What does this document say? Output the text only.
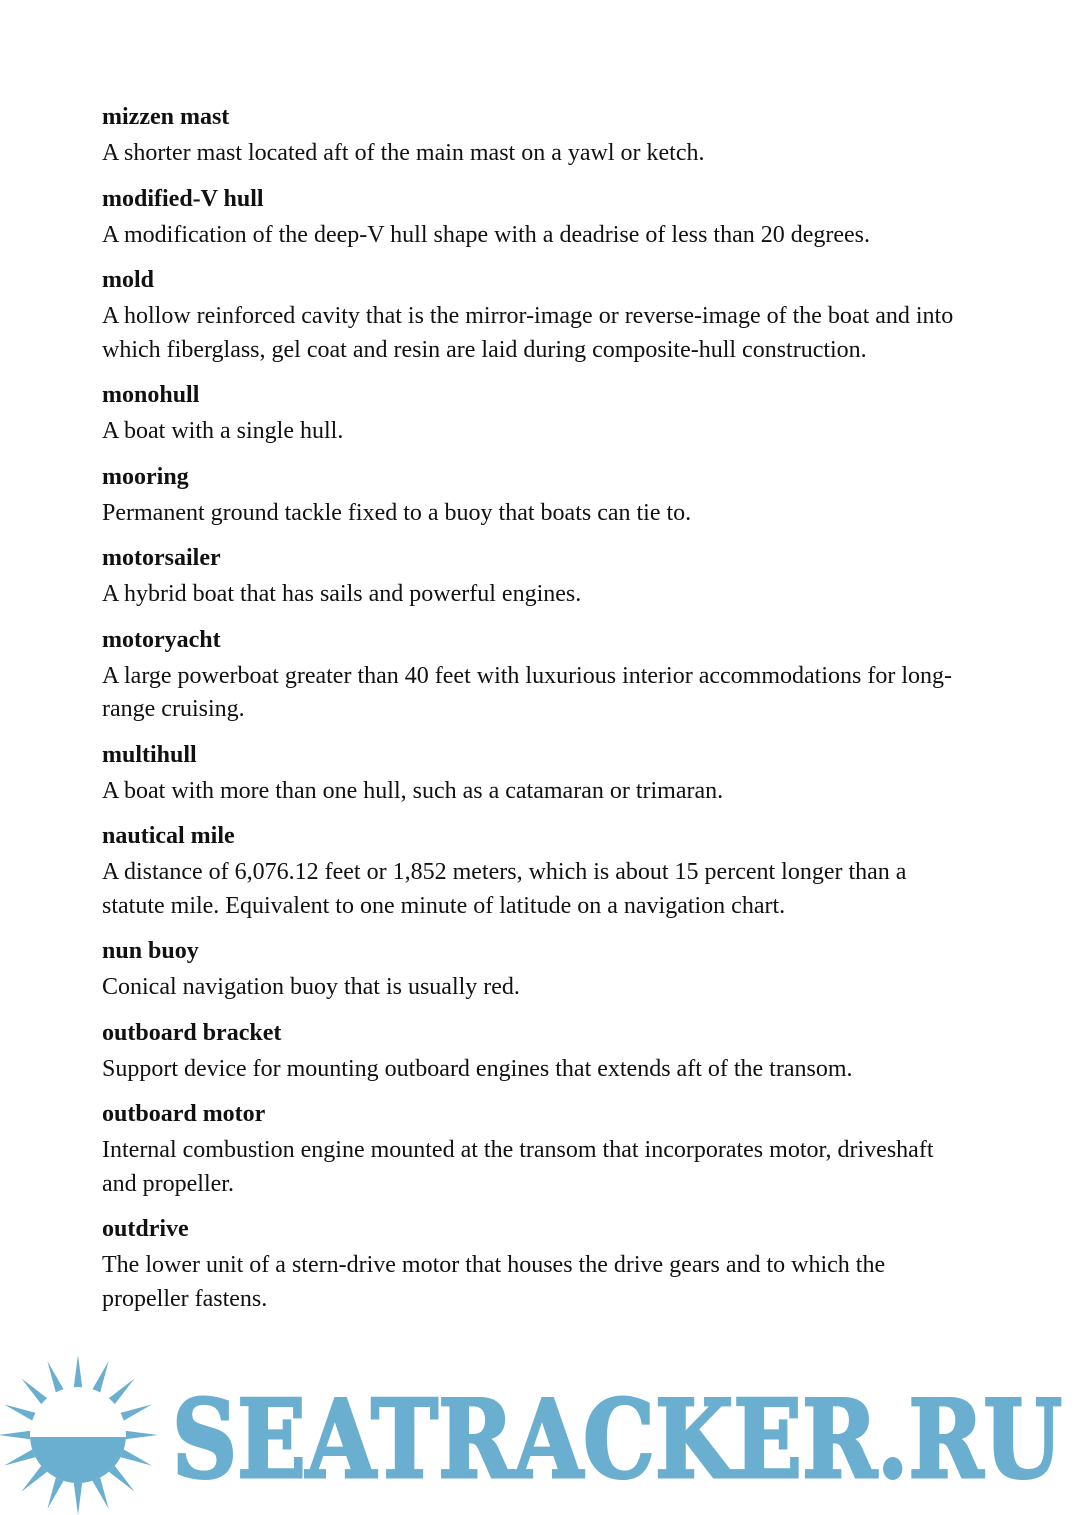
mizzen mast

A shorter mast located aft of the main mast on a yawl or ketch.

modified-V hull

A modification of the deep-V hull shape with a deadrise of less than 20 degrees.

mold

A hollow reinforced cavity that is the mirror-image or reverse-image of the boat and into which fiberglass, gel coat and resin are laid during composite-hull construction.

monohull

A boat with a single hull.

mooring

Permanent ground tackle fixed to a buoy that boats can tie to.

motorsailer

A hybrid boat that has sails and powerful engines.

motoryacht

A large powerboat greater than 40 feet with luxurious interior accommodations for long-range cruising.

multihull

A boat with more than one hull, such as a catamaran or trimaran.

nautical mile

A distance of 6,076.12 feet or 1,852 meters, which is about 15 percent longer than a statute mile. Equivalent to one minute of latitude on a navigation chart.

nun buoy

Conical navigation buoy that is usually red.

outboard bracket

Support device for mounting outboard engines that extends aft of the transom.

outboard motor

Internal combustion engine mounted at the transom that incorporates motor, driveshaft and propeller.

outdrive

The lower unit of a stern-drive motor that houses the drive gears and to which the propeller fastens.

SEATRACKER.RU
